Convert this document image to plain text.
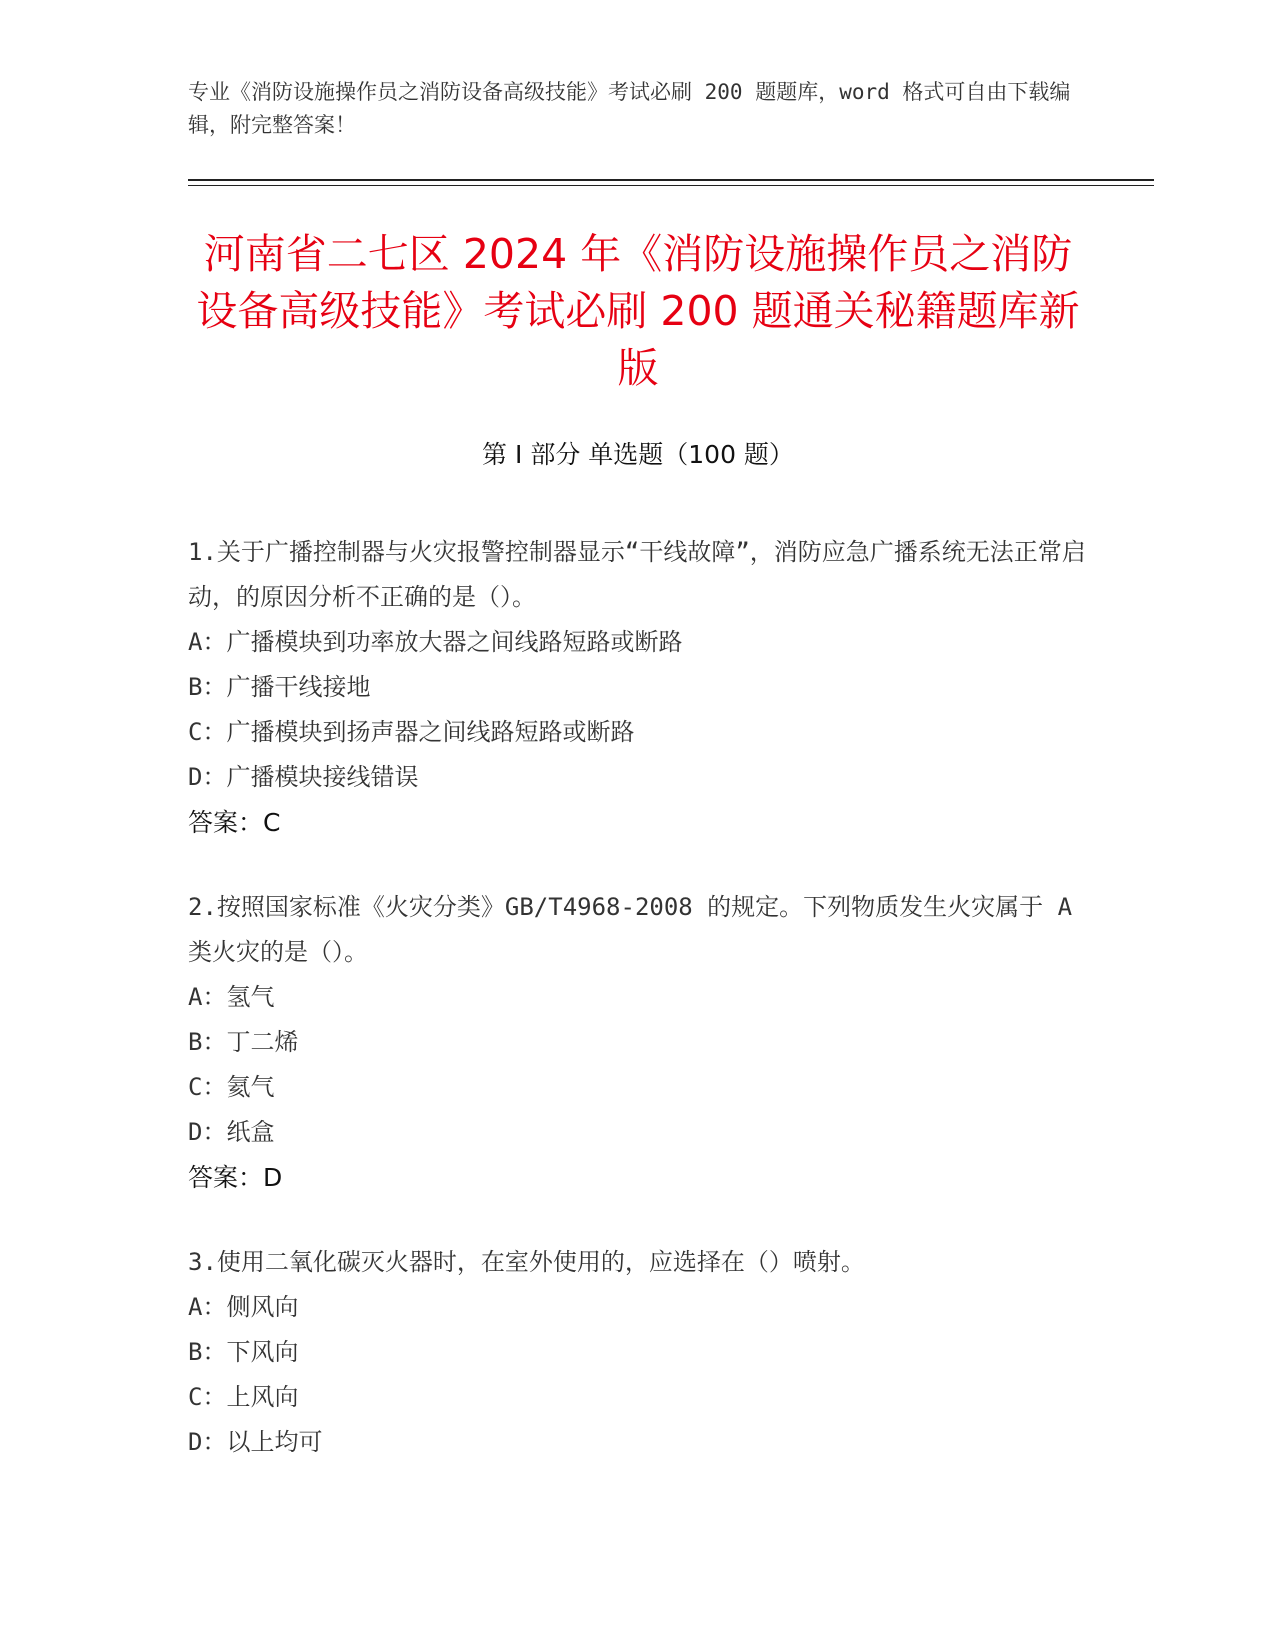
专业《消防设施操作员之消防设备高级技能》考试必刷 200 题题库，word 格式可自由下载编辑，附完整答案！
河南省二七区 2024 年《消防设施操作员之消防设备高级技能》考试必刷 200 题通关秘籍题库新版
第 I 部分 单选题（100 题）
1.关于广播控制器与火灾报警控制器显示“干线故障”，消防应急广播系统无法正常启动，的原因分析不正确的是（）。
A：广播模块到功率放大器之间线路短路或断路
B：广播干线接地
C：广播模块到扬声器之间线路短路或断路
D：广播模块接线错误
答案：C
2.按照国家标准《火灾分类》GB/T4968-2008 的规定。下列物质发生火灾属于 A 类火灾的是（）。
A：氢气
B：丁二烯
C：氦气
D：纸盒
答案：D
3.使用二氧化碳灭火器时，在室外使用的，应选择在（）喷射。
A：侧风向
B：下风向
C：上风向
D：以上均可
